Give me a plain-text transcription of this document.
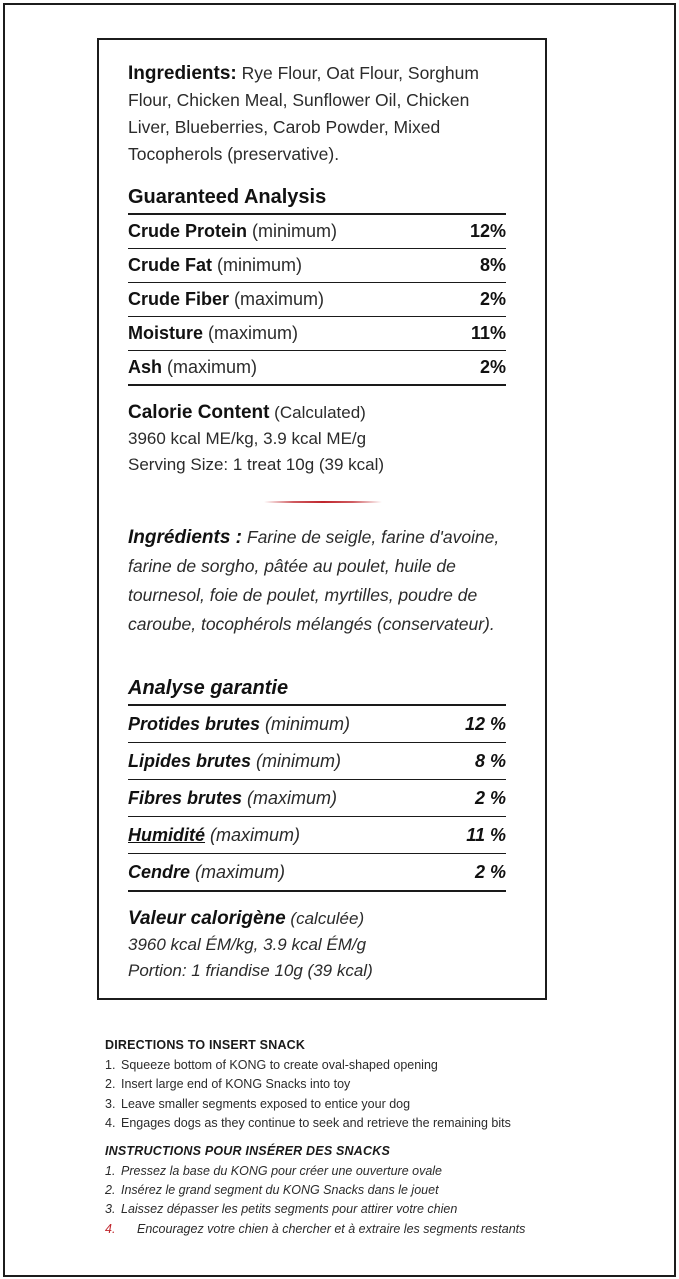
Ingredients: Rye Flour, Oat Flour, Sorghum Flour, Chicken Meal, Sunflower Oil, Chicken Liver, Blueberries, Carob Powder, Mixed Tocopherols (preservative).
Guaranteed Analysis
Crude Protein (minimum)	12%
Crude Fat (minimum)	8%
Crude Fiber (maximum)	2%
Moisture (maximum)	11%
Ash (maximum)	2%
Calorie Content (Calculated)
3960 kcal ME/kg, 3.9 kcal ME/g
Serving Size: 1 treat 10g (39 kcal)
Ingrédients : Farine de seigle, farine d'avoine, farine de sorgho, pâtée au poulet, huile de tournesol, foie de poulet, myrtilles, poudre de caroube, tocophérols mélangés (conservateur).
Analyse garantie
Protides brutes (minimum)	12 %
Lipides brutes (minimum)	8 %
Fibres brutes (maximum)	2 %
Humidité (maximum)	11 %
Cendre (maximum)	2 %
Valeur calorigène (calculée)
3960 kcal ÉM/kg, 3.9 kcal ÉM/g
Portion: 1 friandise 10g (39 kcal)
DIRECTIONS TO INSERT SNACK
1. Squeeze bottom of KONG to create oval-shaped opening
2. Insert large end of KONG Snacks into toy
3. Leave smaller segments exposed to entice your dog
4. Engages dogs as they continue to seek and retrieve the remaining bits
INSTRUCTIONS POUR INSÉRER DES SNACKS
1. Pressez la base du KONG pour créer une ouverture ovale
2. Insérez le grand segment du KONG Snacks dans le jouet
3. Laissez dépasser les petits segments pour attirer votre chien
4. Encouragez votre chien à chercher et à extraire les segments restants
